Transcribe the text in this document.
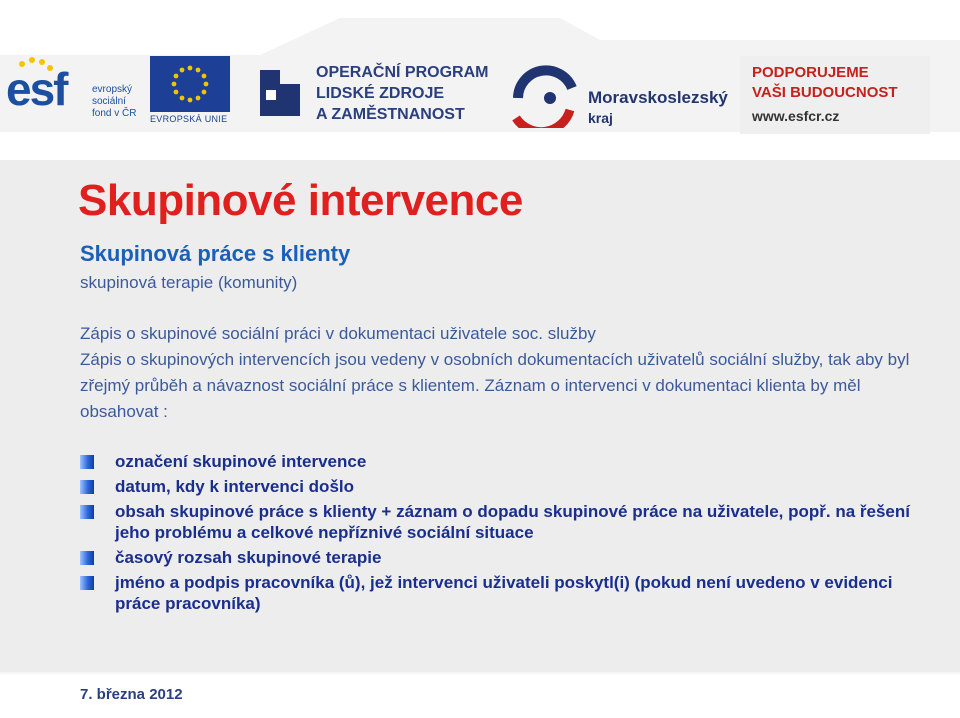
esf	evropský
sociální
fond v ČR EVROPSKÁ UNIE
OPERAČNÍ PROGRAM
LIDSKÉ ZDROJE
A ZAMĚSTNANOST
Moravskoslezský
kraj
PODPORUJEME
VAŠI BUDOUCNOST
www.esfcr.cz
Skupinové intervence
Skupinová práce s klienty
skupinová terapie (komunity)

Zápis o skupinové sociální práci v dokumentaci uživatele soc. služby

Zápis o skupinových intervencích jsou vedeny v osobních dokumentacích uživatelů sociální služby, tak aby byl zřejmý průběh a návaznost sociální práce s klientem. Záznam o intervenci v dokumentaci klienta by měl obsahovat :

označení skupinové intervence
datum, kdy k intervenci došlo
obsah skupinové práce s klienty + záznam o dopadu skupinové práce na uživatele, popř. na řešení jeho problému a celkové nepříznivé sociální situace
časový rozsah skupinové terapie
jméno a podpis pracovníka (ů), jež intervenci uživateli poskytl(i) (pokud není uvedeno v evidenci práce pracovníka)
7. března 2012
